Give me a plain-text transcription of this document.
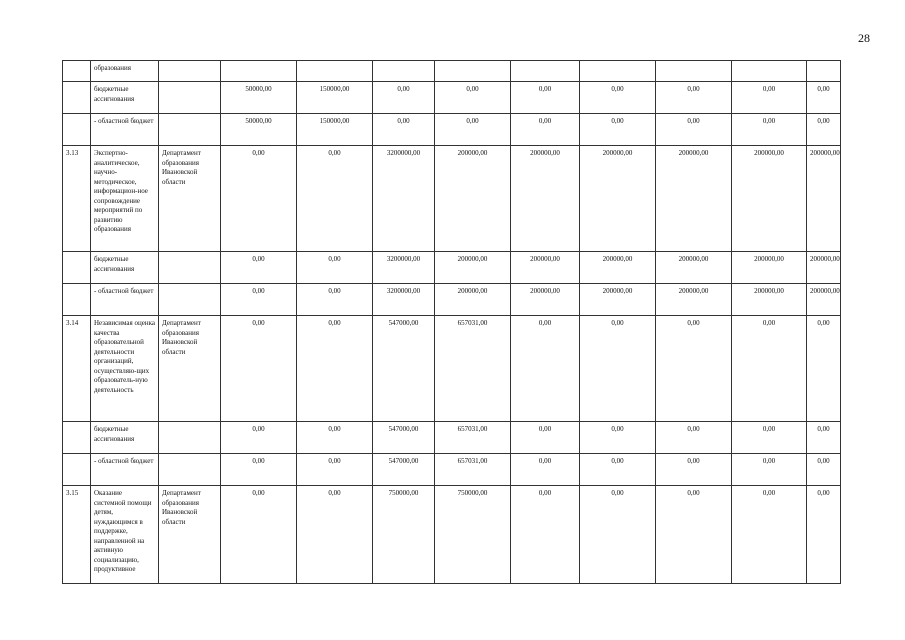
28
	образования										
	бюджетные ассигнования		50000,00	150000,00	0,00	0,00	0,00	0,00	0,00	0,00	0,00
	- областной бюджет		50000,00	150000,00	0,00	0,00	0,00	0,00	0,00	0,00	0,00
3.13	Экспертно-аналитическое, научно-методическое, информацион-ное сопровождение мероприятий по развитию образования	Департамент образования Ивановской области	0,00	0,00	3200000,00	200000,00	200000,00	200000,00	200000,00	200000,00	200000,00
	бюджетные ассигнования		0,00	0,00	3200000,00	200000,00	200000,00	200000,00	200000,00	200000,00	200000,00
	- областной бюджет		0,00	0,00	3200000,00	200000,00	200000,00	200000,00	200000,00	200000,00	200000,00
3.14	Независимая оценка качества образовательной деятельности организаций, осуществляю-щих образователь-ную деятельность	Департамент образования Ивановской области	0,00	0,00	547000,00	657031,00	0,00	0,00	0,00	0,00	0,00
	бюджетные ассигнования		0,00	0,00	547000,00	657031,00	0,00	0,00	0,00	0,00	0,00
	- областной бюджет		0,00	0,00	547000,00	657031,00	0,00	0,00	0,00	0,00	0,00
3.15	Оказание системной помощи детям, нуждающимся в поддержке, направленной на активную социализацию, продуктивное	Департамент образования Ивановской области	0,00	0,00	750000,00	750000,00	0,00	0,00	0,00	0,00	0,00
